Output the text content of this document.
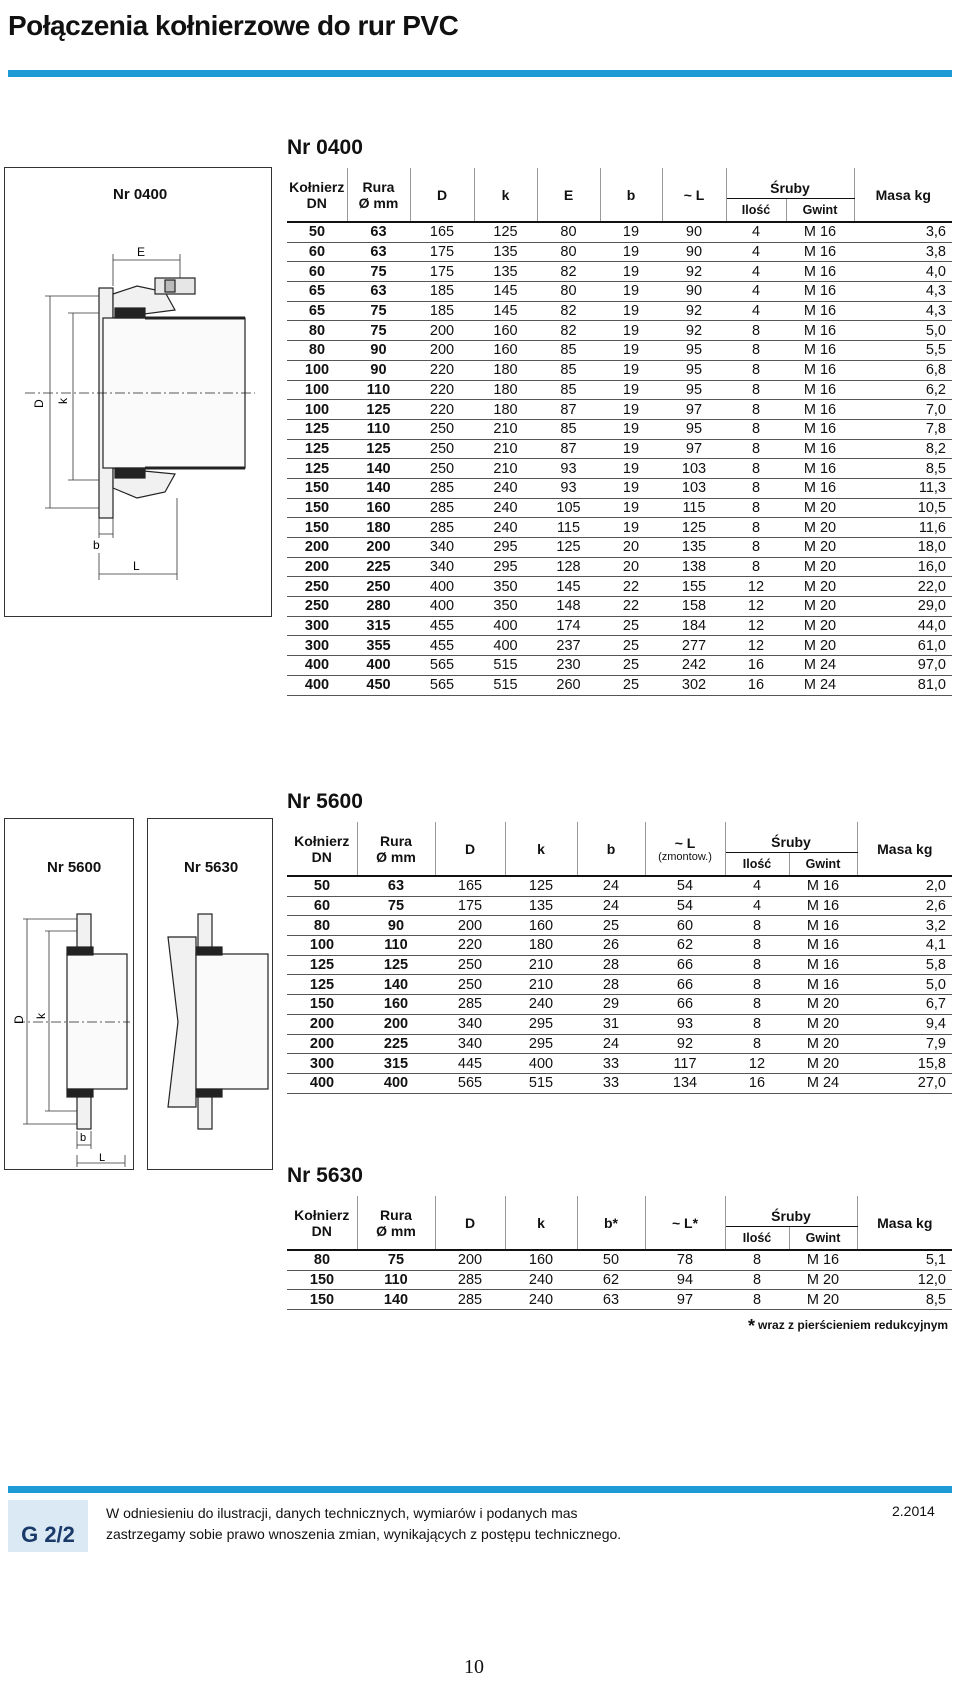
Połączenia kołnierzowe do rur PVC
Nr 0400
Nr 0400
E
D k
b
L
Kołnierz
DN	Rura
Ø mm	D	k	E	b	~ L	Śruby		Masa kg
							Ilość	Gwint	
50	63	165	125	80	19	90	4	M 16	3,6
60	63	175	135	80	19	90	4	M 16	3,8
60	75	175	135	82	19	92	4	M 16	4,0
65	63	185	145	80	19	90	4	M 16	4,3
65	75	185	145	82	19	92	4	M 16	4,3
80	75	200	160	82	19	92	8	M 16	5,0
80	90	200	160	85	19	95	8	M 16	5,5
100	90	220	180	85	19	95	8	M 16	6,8
100	110	220	180	85	19	95	8	M 16	6,2
100	125	220	180	87	19	97	8	M 16	7,0
125	110	250	210	85	19	95	8	M 16	7,8
125	125	250	210	87	19	97	8	M 16	8,2
125	140	250	210	93	19	103	8	M 16	8,5
150	140	285	240	93	19	103	8	M 16	11,3
150	160	285	240	105	19	115	8	M 20	10,5
150	180	285	240	115	19	125	8	M 20	11,6
200	200	340	295	125	20	135	8	M 20	18,0
200	225	340	295	128	20	138	8	M 20	16,0
250	250	400	350	145	22	155	12	M 20	22,0
250	280	400	350	148	22	158	12	M 20	29,0
300	315	455	400	174	25	184	12	M 20	44,0
300	355	455	400	237	25	277	12	M 20	61,0
400	400	565	515	230	25	242	16	M 24	97,0
400	450	565	515	260	25	302	16	M 24	81,0
Nr 5600
Nr 5600
D k
b
L
Nr 5630
Kołnierz
DN	Rura
Ø mm	D	k	b	~ L
(zmontow.)	Śruby		Masa kg
						Ilość	Gwint	
50	63	165	125	24	54	4	M 16	2,0
60	75	175	135	24	54	4	M 16	2,6
80	90	200	160	25	60	8	M 16	3,2
100	110	220	180	26	62	8	M 16	4,1
125	125	250	210	28	66	8	M 16	5,8
125	140	250	210	28	66	8	M 16	5,0
150	160	285	240	29	66	8	M 20	6,7
200	200	340	295	31	93	8	M 20	9,4
200	225	340	295	24	92	8	M 20	7,9
300	315	445	400	33	117	12	M 20	15,8
400	400	565	515	33	134	16	M 24	27,0
Nr 5630
Kołnierz
DN	Rura
Ø mm	D	k	b*	~ L*	Śruby		Masa kg
						Ilość	Gwint	
80	75	200	160	50	78	8	M 16	5,1
150	110	285	240	62	94	8	M 20	12,0
150	140	285	240	63	97	8	M 20	8,5
* wraz z pierścieniem redukcyjnym
G 2/2
W odniesieniu do ilustracji, danych technicznych, wymiarów i podanych mas
zastrzegamy sobie prawo wnoszenia zmian, wynikających z postępu technicznego.
2.2014
10
